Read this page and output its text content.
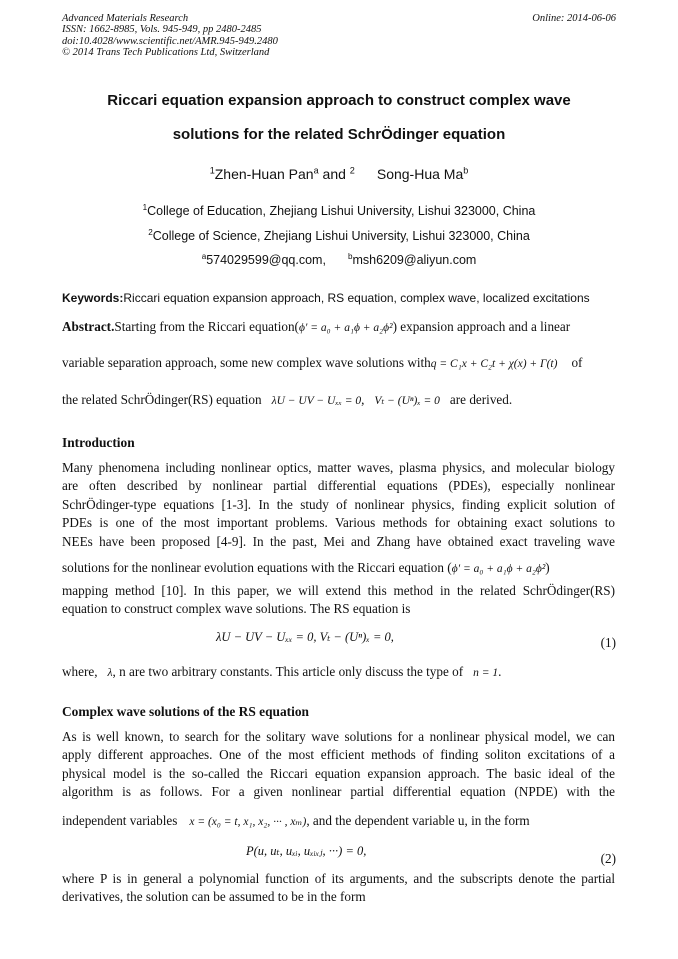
Advanced Materials Research
ISSN: 1662-8985, Vols. 945-949, pp 2480-2485
doi:10.4028/www.scientific.net/AMR.945-949.2480
© 2014 Trans Tech Publications Ltd, Switzerland
Online: 2014-06-06
Riccari equation expansion approach to construct complex wave
solutions for the related SchrÖdinger equation
$^1$Zhen-Huan Pan$^a$ and $^2$ Song-Hua Ma$^b$
$^1$College of Education, Zhejiang Lishui University, Lishui 323000, China
$^2$College of Science, Zhejiang Lishui University, Lishui 323000, China
$^a$574029599@qq.com,	$^b$msh6209@aliyun.com
Keywords:Riccari equation expansion approach, RS equation, complex wave, localized excitations
Abstract.Starting from the Riccari equation(ϕ′ = a₀ + a₁ϕ + a₂ϕ²) expansion approach and a linear
variable separation approach, some new complex wave solutions withq = C₁x + C₂t + χ(x) + Γ(t) of
the related SchrÖdinger(RS) equation λU − UV − Uₓₓ = 0, Vₜ − (Uⁿ)ₓ = 0 are derived.
Introduction
Many phenomena including nonlinear optics, matter waves, plasma physics, and molecular biology
are often described by nonlinear partial differential equations (PDEs), especially nonlinear
SchrÖdinger-type equations [1-3]. In the study of nonlinear physics, finding explicit solution of
PDEs is one of the most important problems. Various methods for obtaining exact solutions to
NEEs have been proposed [4-9]. In the past, Mei and Zhang have obtained exact traveling wave
solutions for the nonlinear evolution equations with the Riccari equation (ϕ′ = a₀ + a₁ϕ + a₂ϕ²)
mapping method [10]. In this paper, we will extend this method in the related SchrÖdinger(RS)
equation to construct complex wave solutions. The RS equation is
λU − UV − Uₓₓ = 0, Vₜ − (Uⁿ)ₓ = 0,	(1)
where, λ, n are two arbitrary constants. This article only discuss the type of n = 1.
Complex wave solutions of the RS equation
As is well known, to search for the solitary wave solutions for a nonlinear physical model, we can
apply different approaches. One of the most efficient methods of finding soliton excitations of a
physical model is the so-called the Riccari equation expansion approach. The basic ideal of the
algorithm is as follows. For a given nonlinear partial differential equation (NPDE) with the
independent variables x = (x₀ = t, x₁, x₂, ··· , xₘ), and the dependent variable u, in the form
P(u, uₜ, uₓᵢ, uₓᵢₓⱼ, ···) = 0,	(2)
where P is in general a polynomial function of its arguments, and the subscripts denote the partial
derivatives, the solution can be assumed to be in the form
